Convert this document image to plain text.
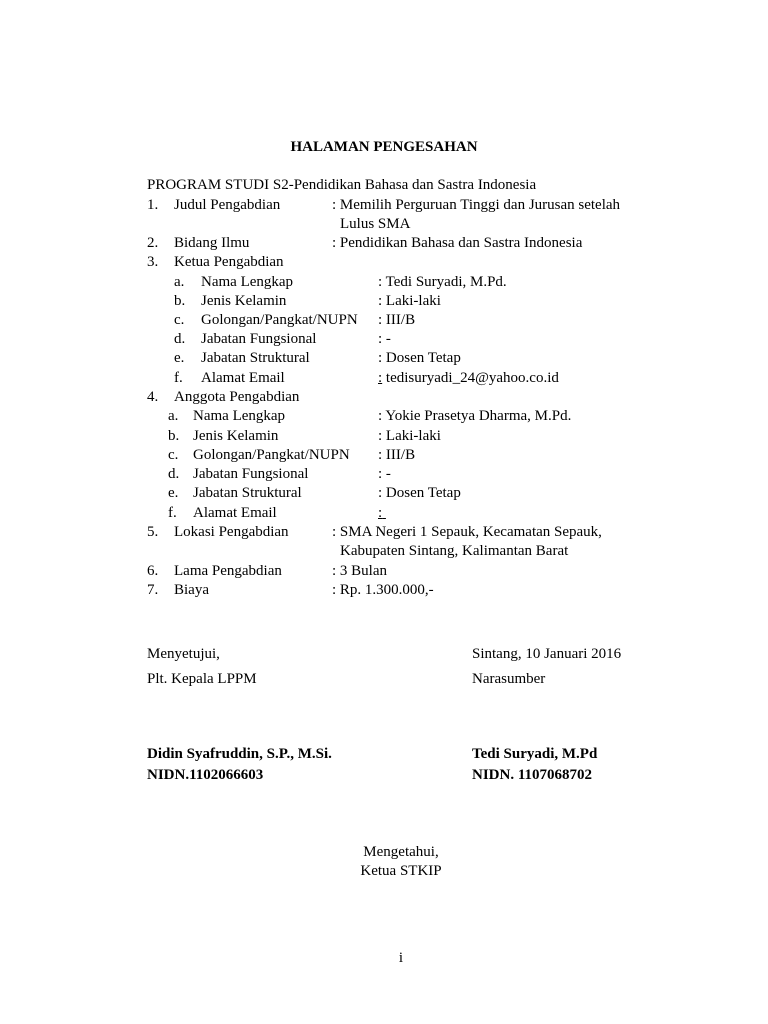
HALAMAN PENGESAHAN
PROGRAM STUDI S2-Pendidikan Bahasa dan Sastra Indonesia
1. Judul Pengabdian	: Memilih Perguruan Tinggi dan Jurusan setelah
Lulus SMA
2. Bidang Ilmu	: Pendidikan Bahasa dan Sastra Indonesia
3. Ketua Pengabdian
a. Nama Lengkap	: Tedi Suryadi, M.Pd.
b. Jenis Kelamin	: Laki-laki
c. Golongan/Pangkat/NUPN : III/B
d. Jabatan Fungsional	: -
e. Jabatan Struktural	: Dosen Tetap
f. Alamat Email	: tedisuryadi_24@yahoo.co.id
4. Anggota Pengabdian
a. Nama Lengkap	: Yokie Prasetya Dharma, M.Pd.
b. Jenis Kelamin	: Laki-laki
c. Golongan/Pangkat/NUPN : III/B
d. Jabatan Fungsional	: -
e. Jabatan Struktural	: Dosen Tetap
f. Alamat Email	:
5. Lokasi Pengabdian	: SMA Negeri 1 Sepauk, Kecamatan Sepauk,
Kabupaten Sintang, Kalimantan Barat
6. Lama Pengabdian	: 3 Bulan
7. Biaya	: Rp. 1.300.000,-
Menyetujui,
Plt. Kepala LPPM
Didin Syafruddin, S.P., M.Si.
NIDN.1102066603
Sintang, 10 Januari 2016
Narasumber
Tedi Suryadi, M.Pd
NIDN. 1107068702
Mengetahui,
Ketua STKIP
i
